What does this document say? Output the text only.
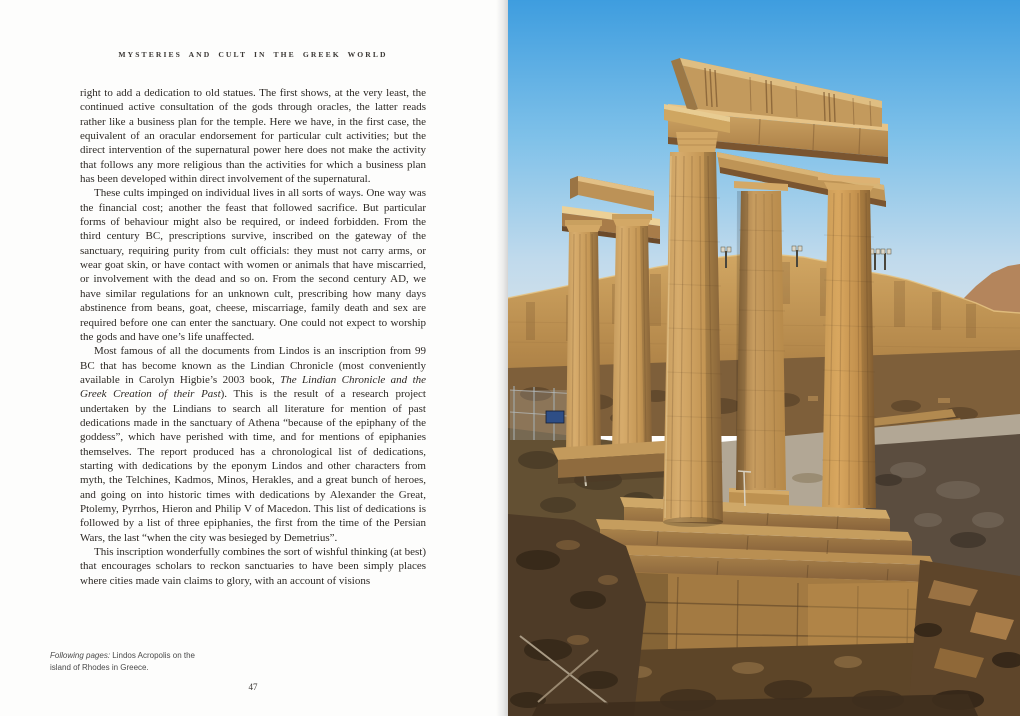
MYSTERIES AND CULT IN THE GREEK WORLD

right to add a dedication to old statues. The first shows, at the very least, the continued active consultation of the gods through oracles, the latter reads rather like a business plan for the temple. Here we have, in the first case, the equivalent of an oracular endorsement for particular cult activities; but the direct intervention of the supernatural power here does not make the activity that follows any more religious than the activities for which a business plan has been developed within direct involvement of the supernatural.

These cults impinged on individual lives in all sorts of ways. One way was the financial cost; another the feast that followed sacrifice. But particular forms of behaviour might also be required, or indeed forbidden. From the third century BC, prescriptions survive, inscribed on the gateway of the sanctuary, requiring purity from cult officials: they must not carry arms, or wear goat skin, or have contact with women or animals that have miscarried, or involvement with the dead and so on. From the second century AD, we have similar regulations for an unknown cult, prescribing how many days abstinence from beans, goat, cheese, miscarriage, family death and sex are required before one can enter the sanctuary. One could not expect to worship the gods and have one’s life unaffected.

Most famous of all the documents from Lindos is an inscription from 99 BC that has become known as the Lindian Chronicle (most conveniently available in Carolyn Higbie’s 2003 book, The Lindian Chronicle and the Greek Creation of their Past). This is the result of a research project undertaken by the Lindians to search all literature for mention of past dedications made in the sanctuary of Athena “because of the epiphany of the goddess”, which have perished with time, and for mentions of epiphanies themselves. The report produced has a chronological list of dedications, starting with dedications by the eponym Lindos and other characters from myth, the Telchines, Kadmos, Minos, Herakles, and a great bunch of heroes, and going on into historic times with dedications by Alexander the Great, Ptolemy, Pyrrhos, Hieron and Philip V of Macedon. This list of dedications is followed by a list of three epiphanies, the first from the time of the Persian Wars, the last “when the city was besieged by Demetrius”.

This inscription wonderfully combines the sort of wishful thinking (at best) that encourages scholars to reckon sanctuaries to have been simply places where cities made vain claims to glory, with an account of visions

Following pages: Lindos Acropolis on the island of Rhodes in Greece.
47
